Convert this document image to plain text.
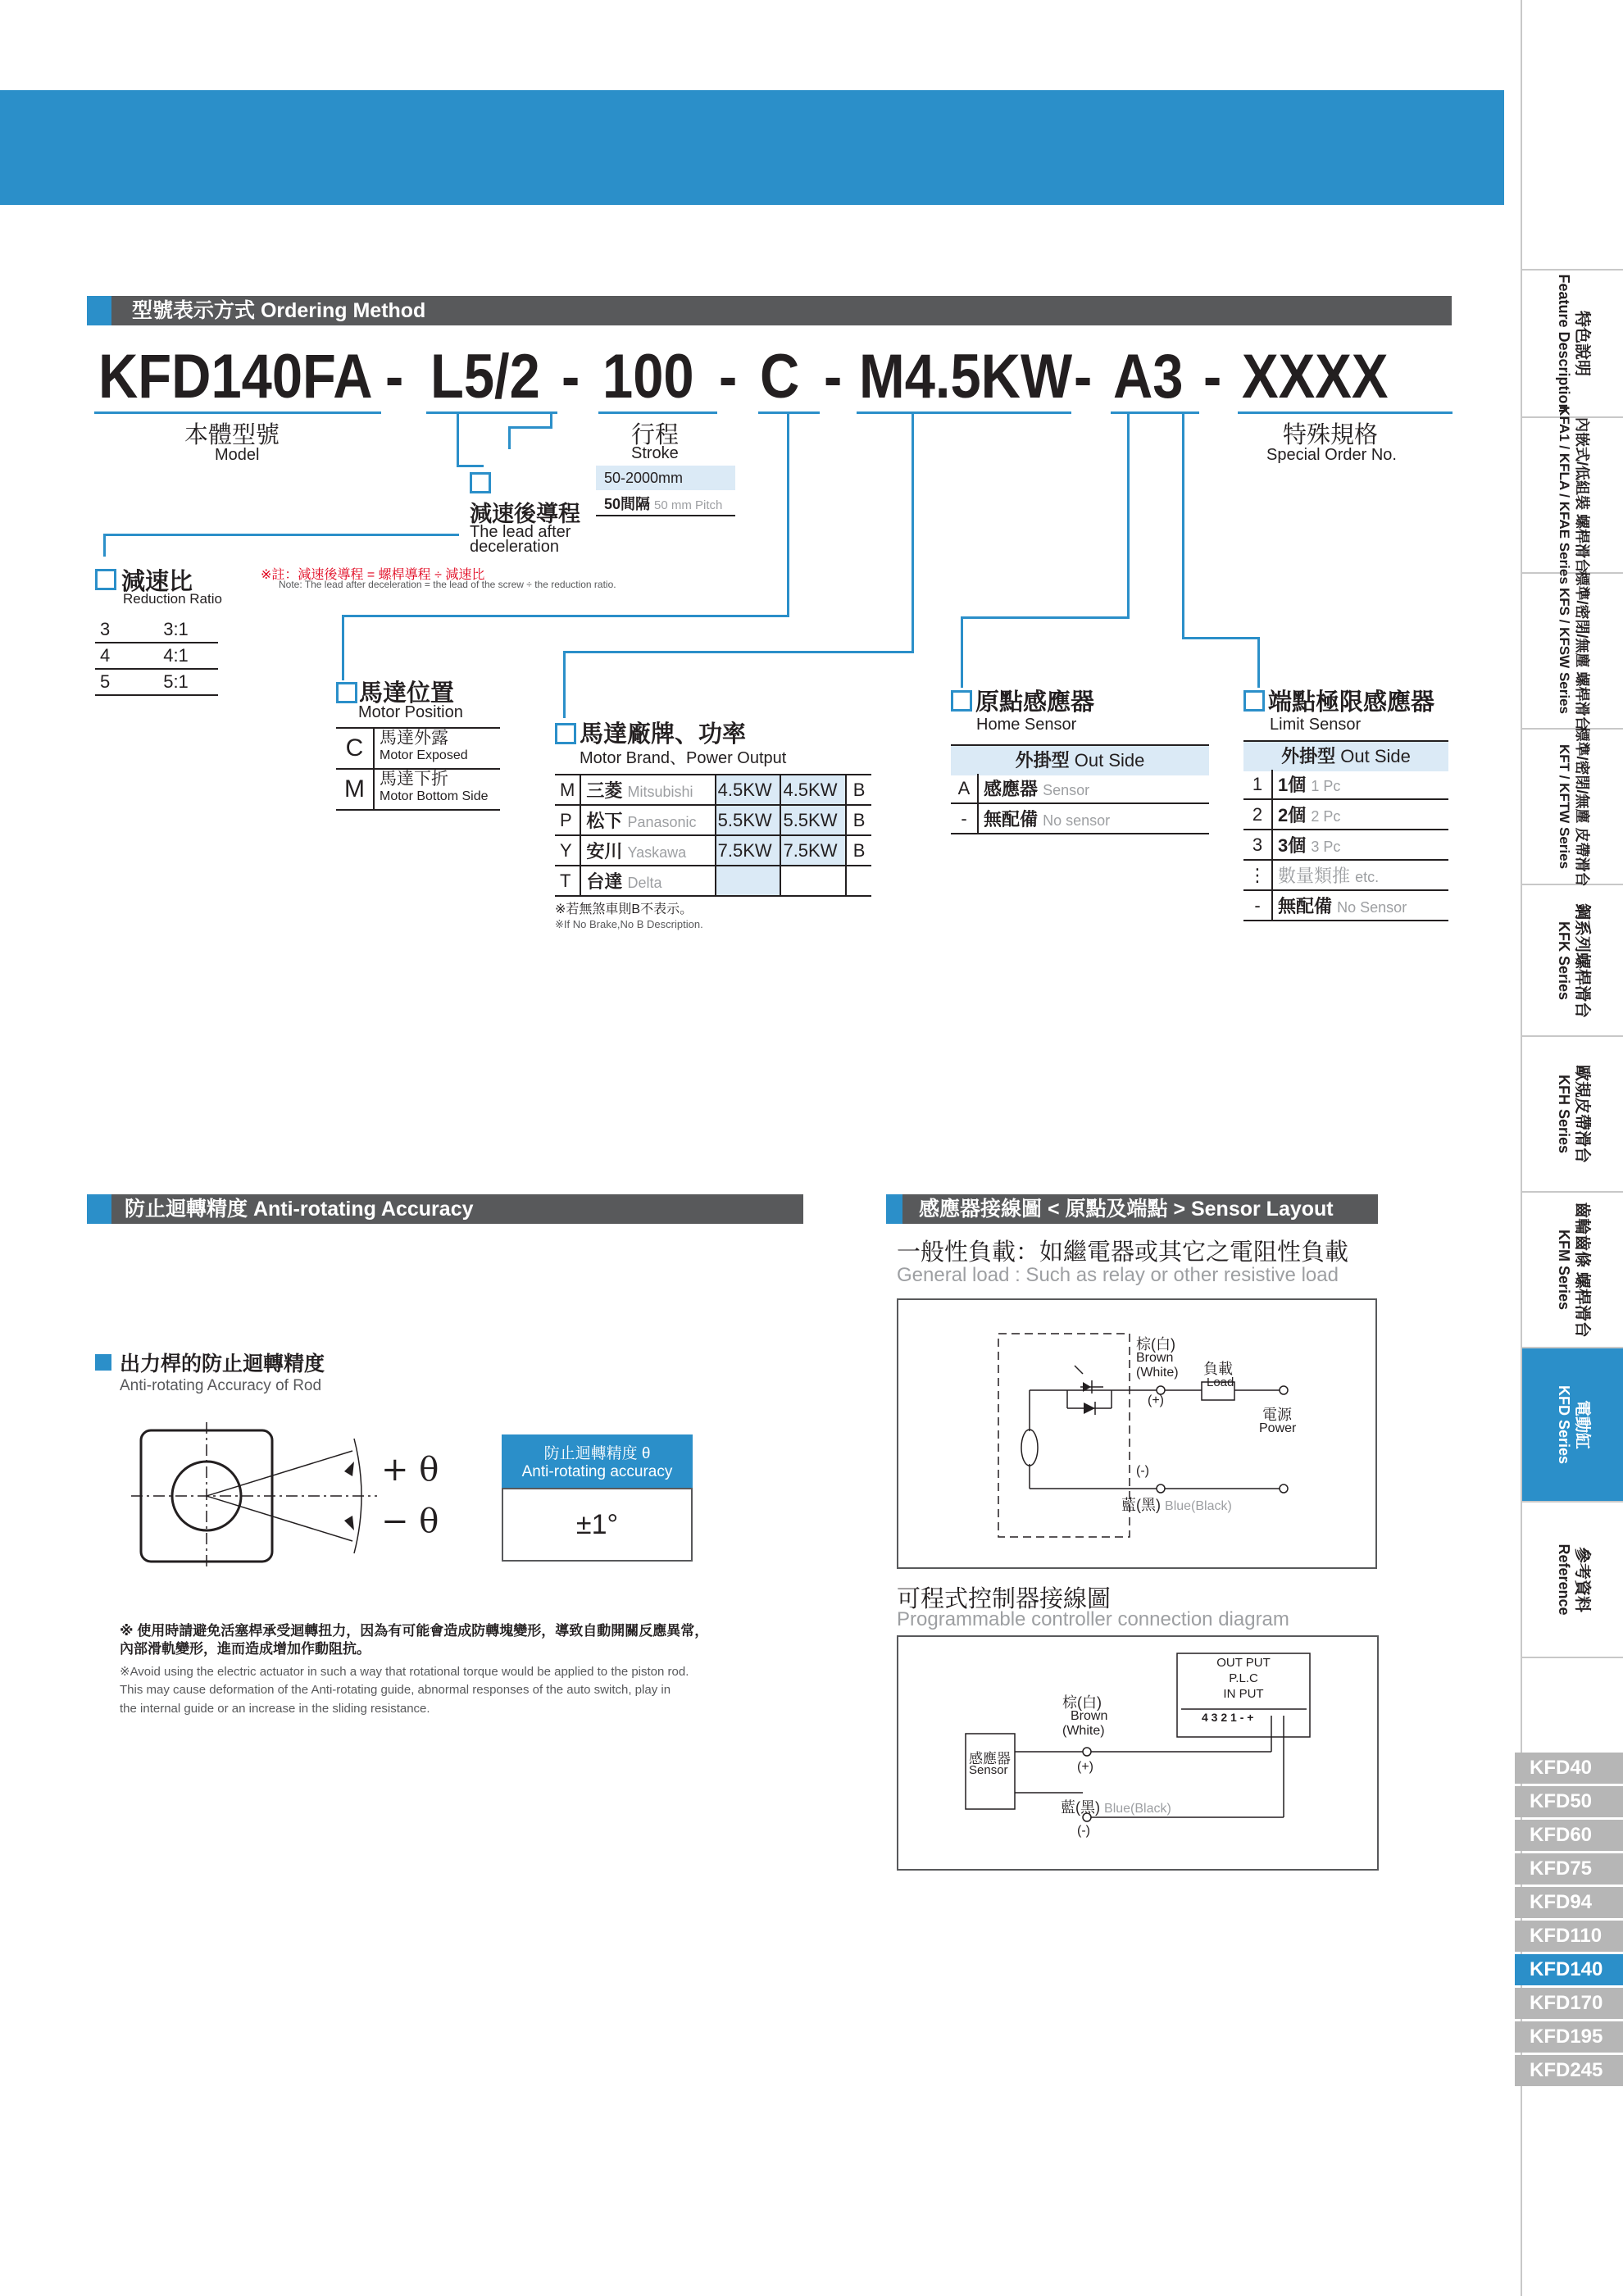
型號表示方式 Ordering Method
KFD140FA - L5/2 - 100 - C - M4.5KW - A3 - XXXX
本體型號
Model
行程
Stroke
50-2000mm
50間隔 50 mm Pitch
特殊規格
Special Order No.
減速後導程
The lead after
deceleration
※註：減速後導程 = 螺桿導程 ÷ 減速比
Note: The lead after deceleration = the lead of the screw ÷ the reduction ratio.
減速比
Reduction Ratio
3	3:1
4	4:1
5	5:1	馬達位置
Motor Position
C 馬達外露
Motor Exposed
M 馬達下折
Motor Bottom Side
馬達廠牌、功率
Motor Brand、Power Output
M	三菱 Mitsubishi	4.5KW	4.5KW	B
P	松下 Panasonic	5.5KW	5.5KW	B
Y	安川 Yaskawa	7.5KW	7.5KW	B
T	台達 Delta			
※若無煞車則B不表示。
※If No Brake,No B Description.
原點感應器
Home Sensor
外掛型 Out Side
A	感應器 Sensor
-	無配備 No sensor
端點極限感應器
Limit Sensor
外掛型 Out Side
1	1個 1 Pc
2	2個 2 Pc
3	3個 3 Pc
⋮	數量類推 etc.
-	無配備 No Sensor
防止迴轉精度 Anti-rotating Accuracy
出力桿的防止迴轉精度
Anti-rotating Accuracy of Rod
+ θ
− θ
防止迴轉精度 θ
Anti-rotating accuracy
±1°
※ 使用時請避免活塞桿承受迴轉扭力，因為有可能會造成防轉塊變形，導致自動開關反應異常，
內部滑軌變形，進而造成增加作動阻抗。
※Avoid using the electric actuator in such a way that rotational torque would be applied to the piston rod.
This may cause deformation of the Anti-rotating guide, abnormal responses of the auto switch, play in
the internal guide or an increase in the sliding resistance.
感應器接線圖 < 原點及端點 > Sensor Layout
一般性負載：如繼電器或其它之電阻性負載
General load : Such as relay or other resistive load
棕(白)
Brown
(White)
(+)
負載
Load
電源
Power
(-)
藍(黑) Blue(Black)
可程式控制器接線圖
Programmable controller connection diagram
OUT PUT
P.L.C
IN PUT
4 3 2 1 - +
棕(白)
Brown
(White)
(+)
感應器
Sensor
藍(黑) Blue(Black)
(-)
特色說明
Feature Description
內嵌式/低組裝 螺桿滑台
KFA1 / KFLA / KFAE Series
標準/密閉/無塵 螺桿滑台
KFS / KFSW Series
標準/密閉/無塵 皮帶滑台
KFT / KFTW Series
鋼系列螺桿滑台
KFK Series
歐規皮帶滑台
KFH Series
齒輪齒條 螺桿滑台
KFM Series
電動缸
KFD Series
參考資料
Reference
KFD40
KFD50
KFD60
KFD75
KFD94
KFD110
KFD140
KFD170
KFD195
KFD245
